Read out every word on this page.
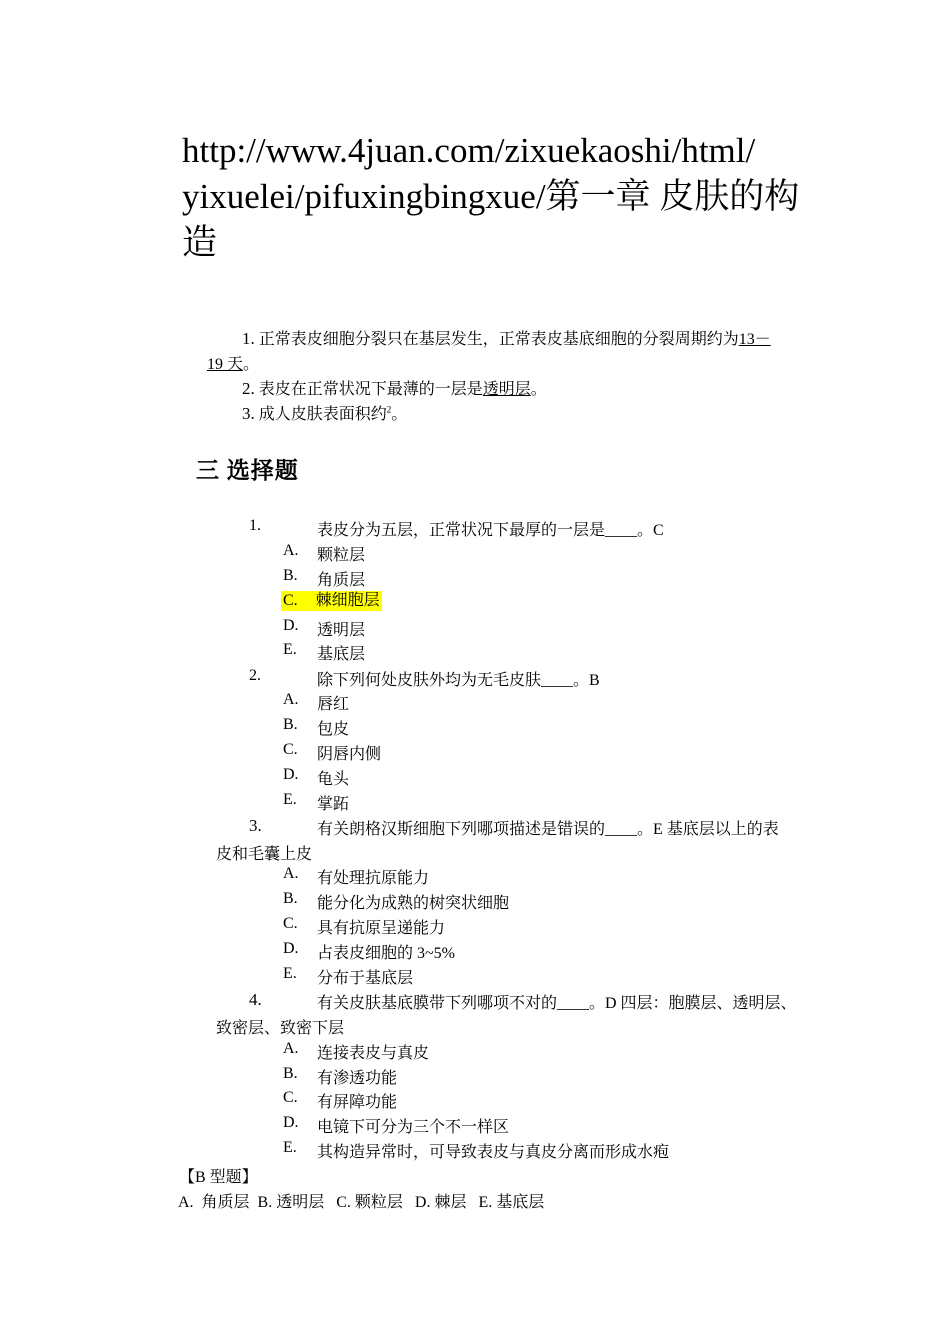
http://www.4juan.com/zixuekaoshi/html/
yixuelei/pifuxingbingxue/第一章 皮肤的构
造
1. 正常表皮细胞分裂只在基层发生，正常表皮基底细胞的分裂周期约为13－
19 天。
2. 表皮在正常状况下最薄的一层是透明层。
3. 成人皮肤表面积约$^2$。
三 选择题
1.	表皮分为五层，正常状况下最厚的一层是____。C
A. 颗粒层
B. 角质层
C. 棘细胞层
D. 透明层
E. 基底层
2.	除下列何处皮肤外均为无毛皮肤____。B
A. 唇红
B. 包皮
C. 阴唇内侧
D. 龟头
E. 掌跖
3.	有关朗格汉斯细胞下列哪项描述是错误的____。E 基底层以上的表
皮和毛囊上皮
A. 有处理抗原能力
B. 能分化为成熟的树突状细胞
C. 具有抗原呈递能力
D. 占表皮细胞的 3~5%
E. 分布于基底层
4.	有关皮肤基底膜带下列哪项不对的____。D 四层：胞膜层、透明层、
致密层、致密下层
A. 连接表皮与真皮
B. 有渗透功能
C. 有屏障功能
D. 电镜下可分为三个不一样区
E. 其构造异常时，可导致表皮与真皮分离而形成水疱
【B 型题】
A.  角质层  B. 透明层   C. 颗粒层   D. 棘层   E. 基底层
